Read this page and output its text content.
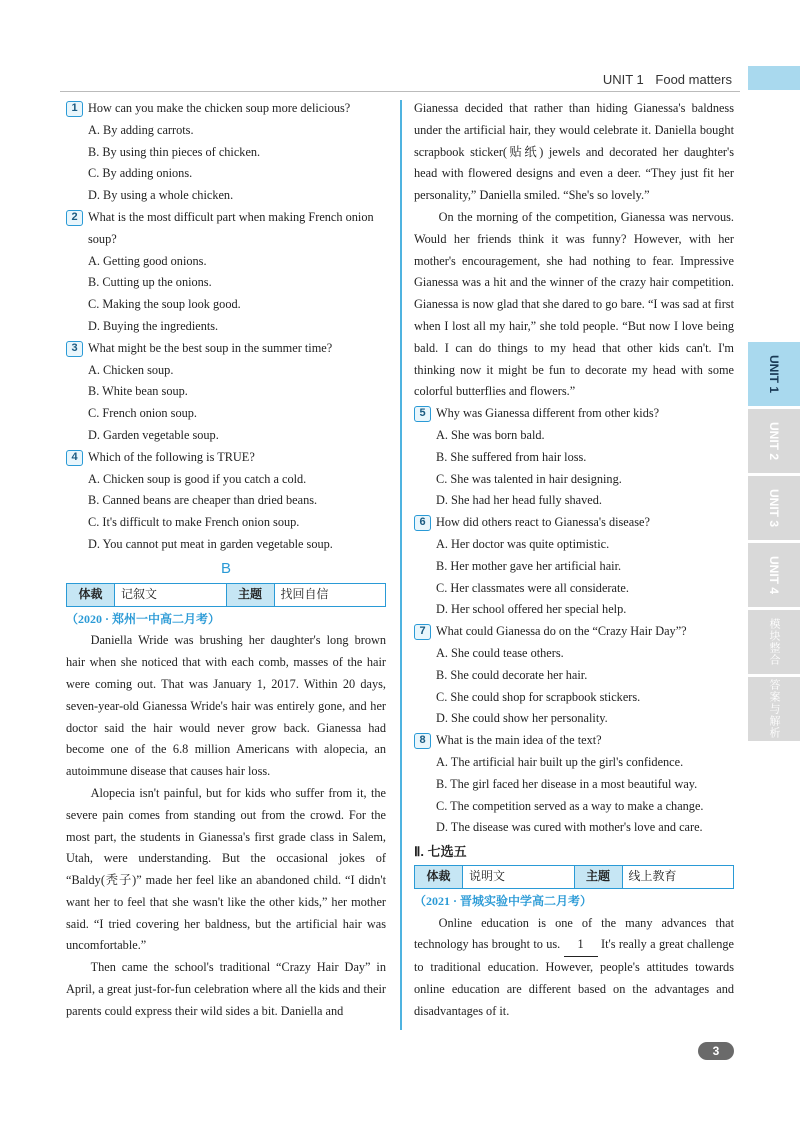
UNIT 1 Food matters
1 How can you make the chicken soup more delicious?
A. By adding carrots.
B. By using thin pieces of chicken.
C. By adding onions.
D. By using a whole chicken.
2 What is the most difficult part when making French onion soup?
A. Getting good onions.
B. Cutting up the onions.
C. Making the soup look good.
D. Buying the ingredients.
3 What might be the best soup in the summer time?
A. Chicken soup.
B. White bean soup.
C. French onion soup.
D. Garden vegetable soup.
4 Which of the following is TRUE?
A. Chicken soup is good if you catch a cold.
B. Canned beans are cheaper than dried beans.
C. It's difficult to make French onion soup.
D. You cannot put meat in garden vegetable soup.
B
体裁	记叙文	主题	找回自信
（2020 · 郑州一中高二月考）

Daniella Wride was brushing her daughter's long brown hair when she noticed that with each comb, masses of the hair were coming out. That was January 1, 2017. Within 20 days, seven-year-old Gianessa Wride's hair was entirely gone, and her doctor said the hair would never grow back. Gianessa had become one of the 6.8 million Americans with alopecia, an autoimmune disease that causes hair loss.

Alopecia isn't painful, but for kids who suffer from it, the severe pain comes from standing out from the crowd. For the most part, the students in Gianessa's first grade class in Salem, Utah, were understanding. But the occasional jokes of “Baldy(秃子)” made her feel like an abandoned child. “I didn't want her to feel that she wasn't like the other kids,” her mother said. “I tried covering her baldness, but the artificial hair was uncomfortable.”

Then came the school's traditional “Crazy Hair Day” in April, a great just-for-fun celebration where all the kids and their parents could express their wild sides a bit. Daniella and

Gianessa decided that rather than hiding Gianessa's baldness under the artificial hair, they would celebrate it. Daniella bought scrapbook sticker(贴纸) jewels and decorated her daughter's head with flowered designs and even a deer. “They just fit her personality,” Daniella smiled. “She's so lovely.”

On the morning of the competition, Gianessa was nervous. Would her friends think it was funny? However, with her mother's encouragement, she had nothing to fear. Impressive Gianessa was a hit and the winner of the crazy hair competition. Gianessa is now glad that she dared to go bare. “I was sad at first when I lost all my hair,” she told people. “But now I love being bald. I can do things to my head that other kids can't. I'm thinking now it might be fun to decorate my head with some colorful butterflies and flowers.”

5 Why was Gianessa different from other kids?
A. She was born bald.
B. She suffered from hair loss.
C. She was talented in hair designing.
D. She had her head fully shaved.
6 How did others react to Gianessa's disease?
A. Her doctor was quite optimistic.
B. Her mother gave her artificial hair.
C. Her classmates were all considerate.
D. Her school offered her special help.
7 What could Gianessa do on the “Crazy Hair Day”?
A. She could tease others.
B. She could decorate her hair.
C. She could shop for scrapbook stickers.
D. She could show her personality.
8 What is the main idea of the text?
A. The artificial hair built up the girl's confidence.
B. The girl faced her disease in a most beautiful way.
C. The competition served as a way to make a change.
D. The disease was cured with mother's love and care.
Ⅱ. 七选五
体裁	说明文	主题	线上教育
（2021 · 晋城实验中学高二月考）

Online education is one of the many advances that technology has brought to us. 1 It's really a great challenge to traditional education. However, people's attitudes towards online education are different based on the advantages and disadvantages of it.

UNIT 1
UNIT 2
UNIT 3
UNIT 4
模块整合
答案与解析
3
